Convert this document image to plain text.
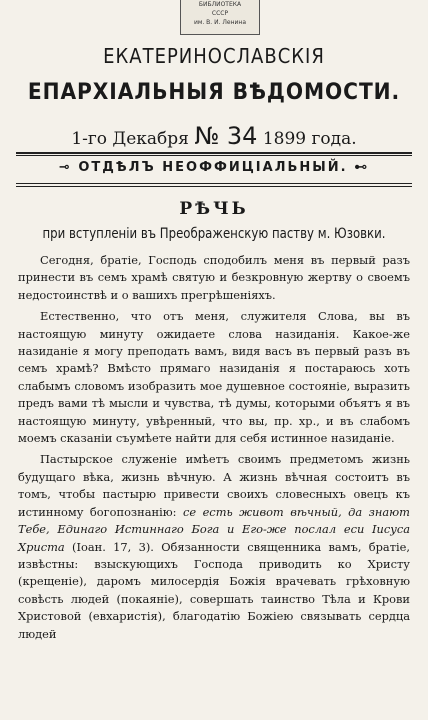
БИБЛИОТЕКА
СССР
им. В. И. Ленина
ЕКАТЕРИНОСЛАВСКІЯ
ЕПАРХІАЛЬНЫЯ ВѢДОМОСТИ.
1-го Декабря № 34 1899 года.
⊸ ОТДѢЛЪ НЕОФФИЦІАЛЬНЫЙ. ⊷
РѢЧЬ
при вступленіи въ Преображенскую паству м. Юзовки.

Сегодня, братіе, Господь сподобилъ меня въ первый разъ принести въ семъ храмѣ святую и безкровную жертву о своемъ недостоинствѣ и о вашихъ прегрѣшеніяхъ.

Естественно, что отъ меня, служителя Слова, вы въ настоящую минуту ожидаете слова назиданія. Какое-же назиданіе я могу преподать вамъ, видя васъ въ первый разъ въ семъ храмѣ? Вмѣсто прямаго назиданія я постараюсь хоть слабымъ словомъ изобразить мое душевное состояніе, выразить предъ вами тѣ мысли и чувства, тѣ думы, которыми объятъ я въ настоящую минуту, увѣренный, что вы, пр. хр., и въ слабомъ моемъ сказаніи съумѣете найти для себя истинное назиданіе.

Пастырское служеніе имѣетъ своимъ предметомъ жизнь будущаго вѣка, жизнь вѣчную. А жизнь вѣчная состоитъ въ томъ, чтобы пастырю привести своихъ словесныхъ овецъ къ истинному богопознанію: се есть живот вѣчный, да знают Тебе, Единаго Истиннаго Бога и Его-же послал еси Іисуса Христа (Іоан. 17, 3). Обязанности священника вамъ, братіе, извѣстны: взыскующихъ Господа приводить ко Христу (крещеніе), даромъ милосердія Божія врачевать грѣховную совѣсть людей (покаяніе), совершать таинство Тѣла и Крови Христовой (евхаристія), благодатію Божіею связывать сердца людей
